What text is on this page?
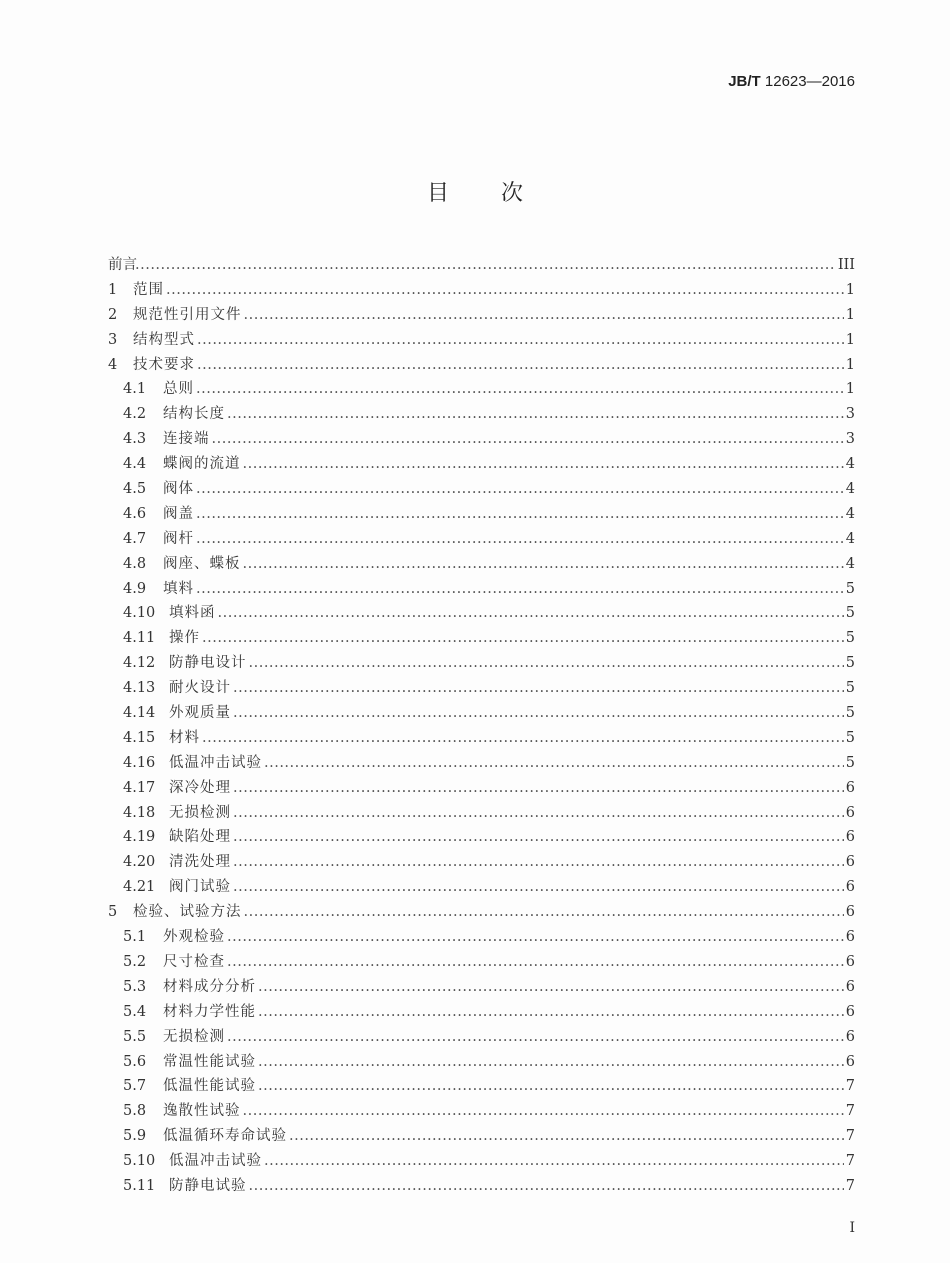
JB/T 12623—2016
目次
前言 .....	III
1	范围 .....	1
2	规范性引用文件 .....	1
3	结构型式 .....	1
4	技术要求 .....	1
4.1	总则 .....	1
4.2	结构长度 .....	3
4.3	连接端 .....	3
4.4	蝶阀的流道 .....	4
4.5	阀体 .....	4
4.6	阀盖 .....	4
4.7	阀杆 .....	4
4.8	阀座、蝶板 .....	4
4.9	填料 .....	5
4.10 填料函 .....	5
4.11 操作 .....	5
4.12 防静电设计 .....	5
4.13 耐火设计 .....	5
4.14 外观质量 .....	5
4.15 材料 .....	5
4.16 低温冲击试验 .....	5
4.17 深冷处理 .....	6
4.18 无损检测 .....	6
4.19 缺陷处理 .....	6
4.20 清洗处理 .....	6
4.21 阀门试验 .....	6
5	检验、试验方法 .....	6
5.1	外观检验 .....	6
5.2	尺寸检查 .....	6
5.3	材料成分分析 .....	6
5.4	材料力学性能 .....	6
5.5	无损检测 .....	6
5.6	常温性能试验 .....	6
5.7	低温性能试验 .....	7
5.8	逸散性试验 .....	7
5.9	低温循环寿命试验 .....	7
5.10 低温冲击试验 .....	7
5.11 防静电试验 .....	7
I
